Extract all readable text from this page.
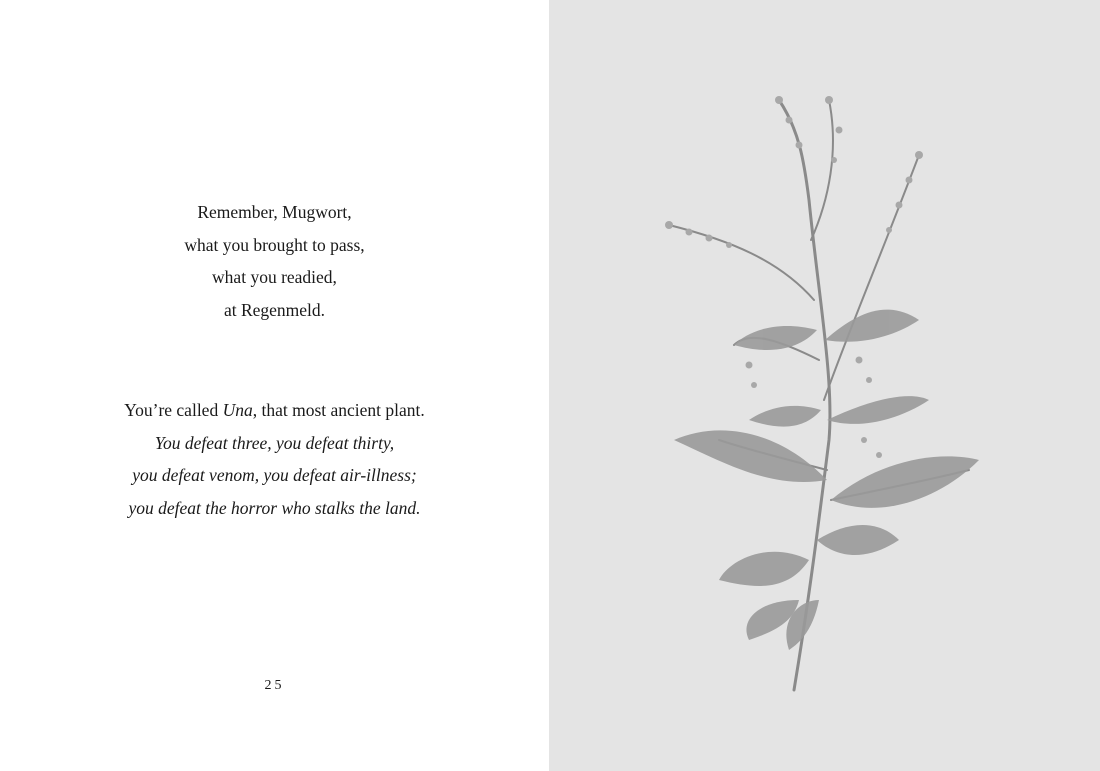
Remember, Mugwort,
what you brought to pass,
what you readied,
at Regenmeld.
You’re called Una, that most ancient plant.
You defeat three, you defeat thirty,
you defeat venom, you defeat air-illness;
you defeat the horror who stalks the land.
25
